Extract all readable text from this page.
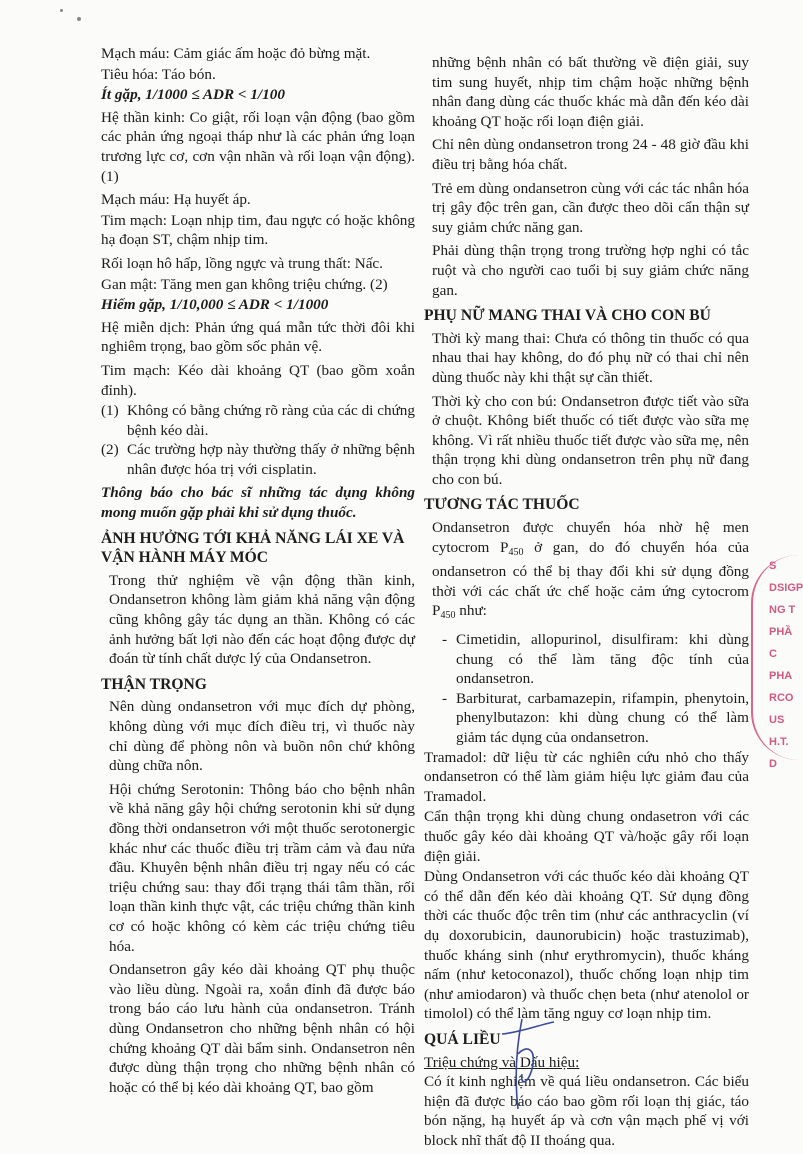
Mạch máu: Cảm giác ấm hoặc đỏ bừng mặt.

Tiêu hóa: Táo bón.

Ít gặp, 1/1000 ≤ ADR < 1/100

Hệ thần kinh: Co giật, rối loạn vận động (bao gồm các phản ứng ngoại tháp như là các phản ứng loạn trương lực cơ, cơn vận nhãn và rối loạn vận động). (1)

Mạch máu: Hạ huyết áp.

Tim mạch: Loạn nhịp tim, đau ngực có hoặc không hạ đoạn ST, chậm nhịp tim.

Rối loạn hô hấp, lồng ngực và trung thất: Nấc.

Gan mật: Tăng men gan không triệu chứng. (2)

Hiếm gặp, 1/10,000 ≤ ADR < 1/1000

Hệ miễn dịch: Phản ứng quá mẫn tức thời đôi khi nghiêm trọng, bao gồm sốc phản vệ.

Tim mạch: Kéo dài khoảng QT (bao gồm xoắn đỉnh).

(1) Không có bằng chứng rõ ràng của các di chứng bệnh kéo dài.
(2) Các trường hợp này thường thấy ở những bệnh nhân được hóa trị với cisplatin.
Thông báo cho bác sĩ những tác dụng không mong muốn gặp phải khi sử dụng thuốc.
ẢNH HƯỞNG TỚI KHẢ NĂNG LÁI XE VÀ VẬN HÀNH MÁY MÓC

Trong thử nghiệm về vận động thần kinh, Ondansetron không làm giảm khả năng vận động cũng không gây tác dụng an thần. Không có các ảnh hưởng bất lợi nào đến các hoạt động được dự đoán từ tính chất dược lý của Ondansetron.

THẬN TRỌNG

Nên dùng ondansetron với mục đích dự phòng, không dùng với mục đích điều trị, vì thuốc này chỉ dùng để phòng nôn và buồn nôn chứ không dùng chữa nôn.

Hội chứng Serotonin: Thông báo cho bệnh nhân về khả năng gây hội chứng serotonin khi sử dụng đồng thời ondansetron với một thuốc serotonergic khác như các thuốc điều trị trầm cảm và đau nửa đầu. Khuyên bệnh nhân điều trị ngay nếu có các triệu chứng sau: thay đổi trạng thái tâm thần, rối loạn thần kinh thực vật, các triệu chứng thần kinh cơ có hoặc không có kèm các triệu chứng tiêu hóa.

Ondansetron gây kéo dài khoảng QT phụ thuộc vào liều dùng. Ngoài ra, xoắn đỉnh đã được báo trong báo cáo lưu hành của ondansetron. Tránh dùng Ondansetron cho những bệnh nhân có hội chứng khoảng QT dài bẩm sinh. Ondansetron nên được dùng thận trọng cho những bệnh nhân có hoặc có thể bị kéo dài khoảng QT, bao gồm

những bệnh nhân có bất thường về điện giải, suy tim sung huyết, nhịp tim chậm hoặc những bệnh nhân đang dùng các thuốc khác mà dẫn đến kéo dài khoảng QT hoặc rối loạn điện giải.

Chỉ nên dùng ondansetron trong 24 - 48 giờ đầu khi điều trị bằng hóa chất.

Trẻ em dùng ondansetron cùng với các tác nhân hóa trị gây độc trên gan, cần được theo dõi cẩn thận sự suy giảm chức năng gan.

Phải dùng thận trọng trong trường hợp nghi có tắc ruột và cho người cao tuổi bị suy giảm chức năng gan.

PHỤ NỮ MANG THAI VÀ CHO CON BÚ

Thời kỳ mang thai: Chưa có thông tin thuốc có qua nhau thai hay không, do đó phụ nữ có thai chỉ nên dùng thuốc này khi thật sự cần thiết.

Thời kỳ cho con bú: Ondansetron được tiết vào sữa ở chuột. Không biết thuốc có tiết được vào sữa mẹ không. Vì rất nhiều thuốc tiết được vào sữa mẹ, nên thận trọng khi dùng ondansetron trên phụ nữ đang cho con bú.

TƯƠNG TÁC THUỐC

Ondansetron được chuyển hóa nhờ hệ men cytocrom $P_{450}$ ở gan, do đó chuyển hóa của ondansetron có thể bị thay đổi khi sử dụng đồng thời với các chất ức chế hoặc cảm ứng cytocrom $P_{450}$ như:

- Cimetidin, allopurinol, disulfiram: khi dùng chung có thể làm tăng độc tính của ondansetron.
- Barbiturat, carbamazepin, rifampin, phenytoin, phenylbutazon: khi dùng chung có thể làm giảm tác dụng của ondansetron.

Tramadol: dữ liệu từ các nghiên cứu nhỏ cho thấy ondansetron có thể làm giảm hiệu lực giảm đau của Tramadol.

Cẩn thận trọng khi dùng chung ondasetron với các thuốc gây kéo dài khoảng QT và/hoặc gây rối loạn điện giải.

Dùng Ondansetron với các thuốc kéo dài khoảng QT có thể dẫn đến kéo dài khoảng QT. Sử dụng đồng thời các thuốc độc trên tim (như các anthracyclin (ví dụ doxorubicin, daunorubicin) hoặc trastuzimab), thuốc kháng sinh (như erythromycin), thuốc kháng nấm (như ketoconazol), thuốc chống loạn nhịp tim (như amiodaron) và thuốc chẹn beta (như atenolol or timolol) có thể làm tăng nguy cơ loạn nhịp tim.

QUÁ LIỀU
Triệu chứng và Dấu hiệu:

Có ít kinh nghiệm về quá liều ondansetron. Các biểu hiện đã được báo cáo bao gồm rối loạn thị giác, táo bón nặng, hạ huyết áp và cơn vận mạch phế vị với block nhĩ thất độ II thoáng qua.

S
DSIGP
NG T
PHẦ
C PHA
RCO US
H.T. D
